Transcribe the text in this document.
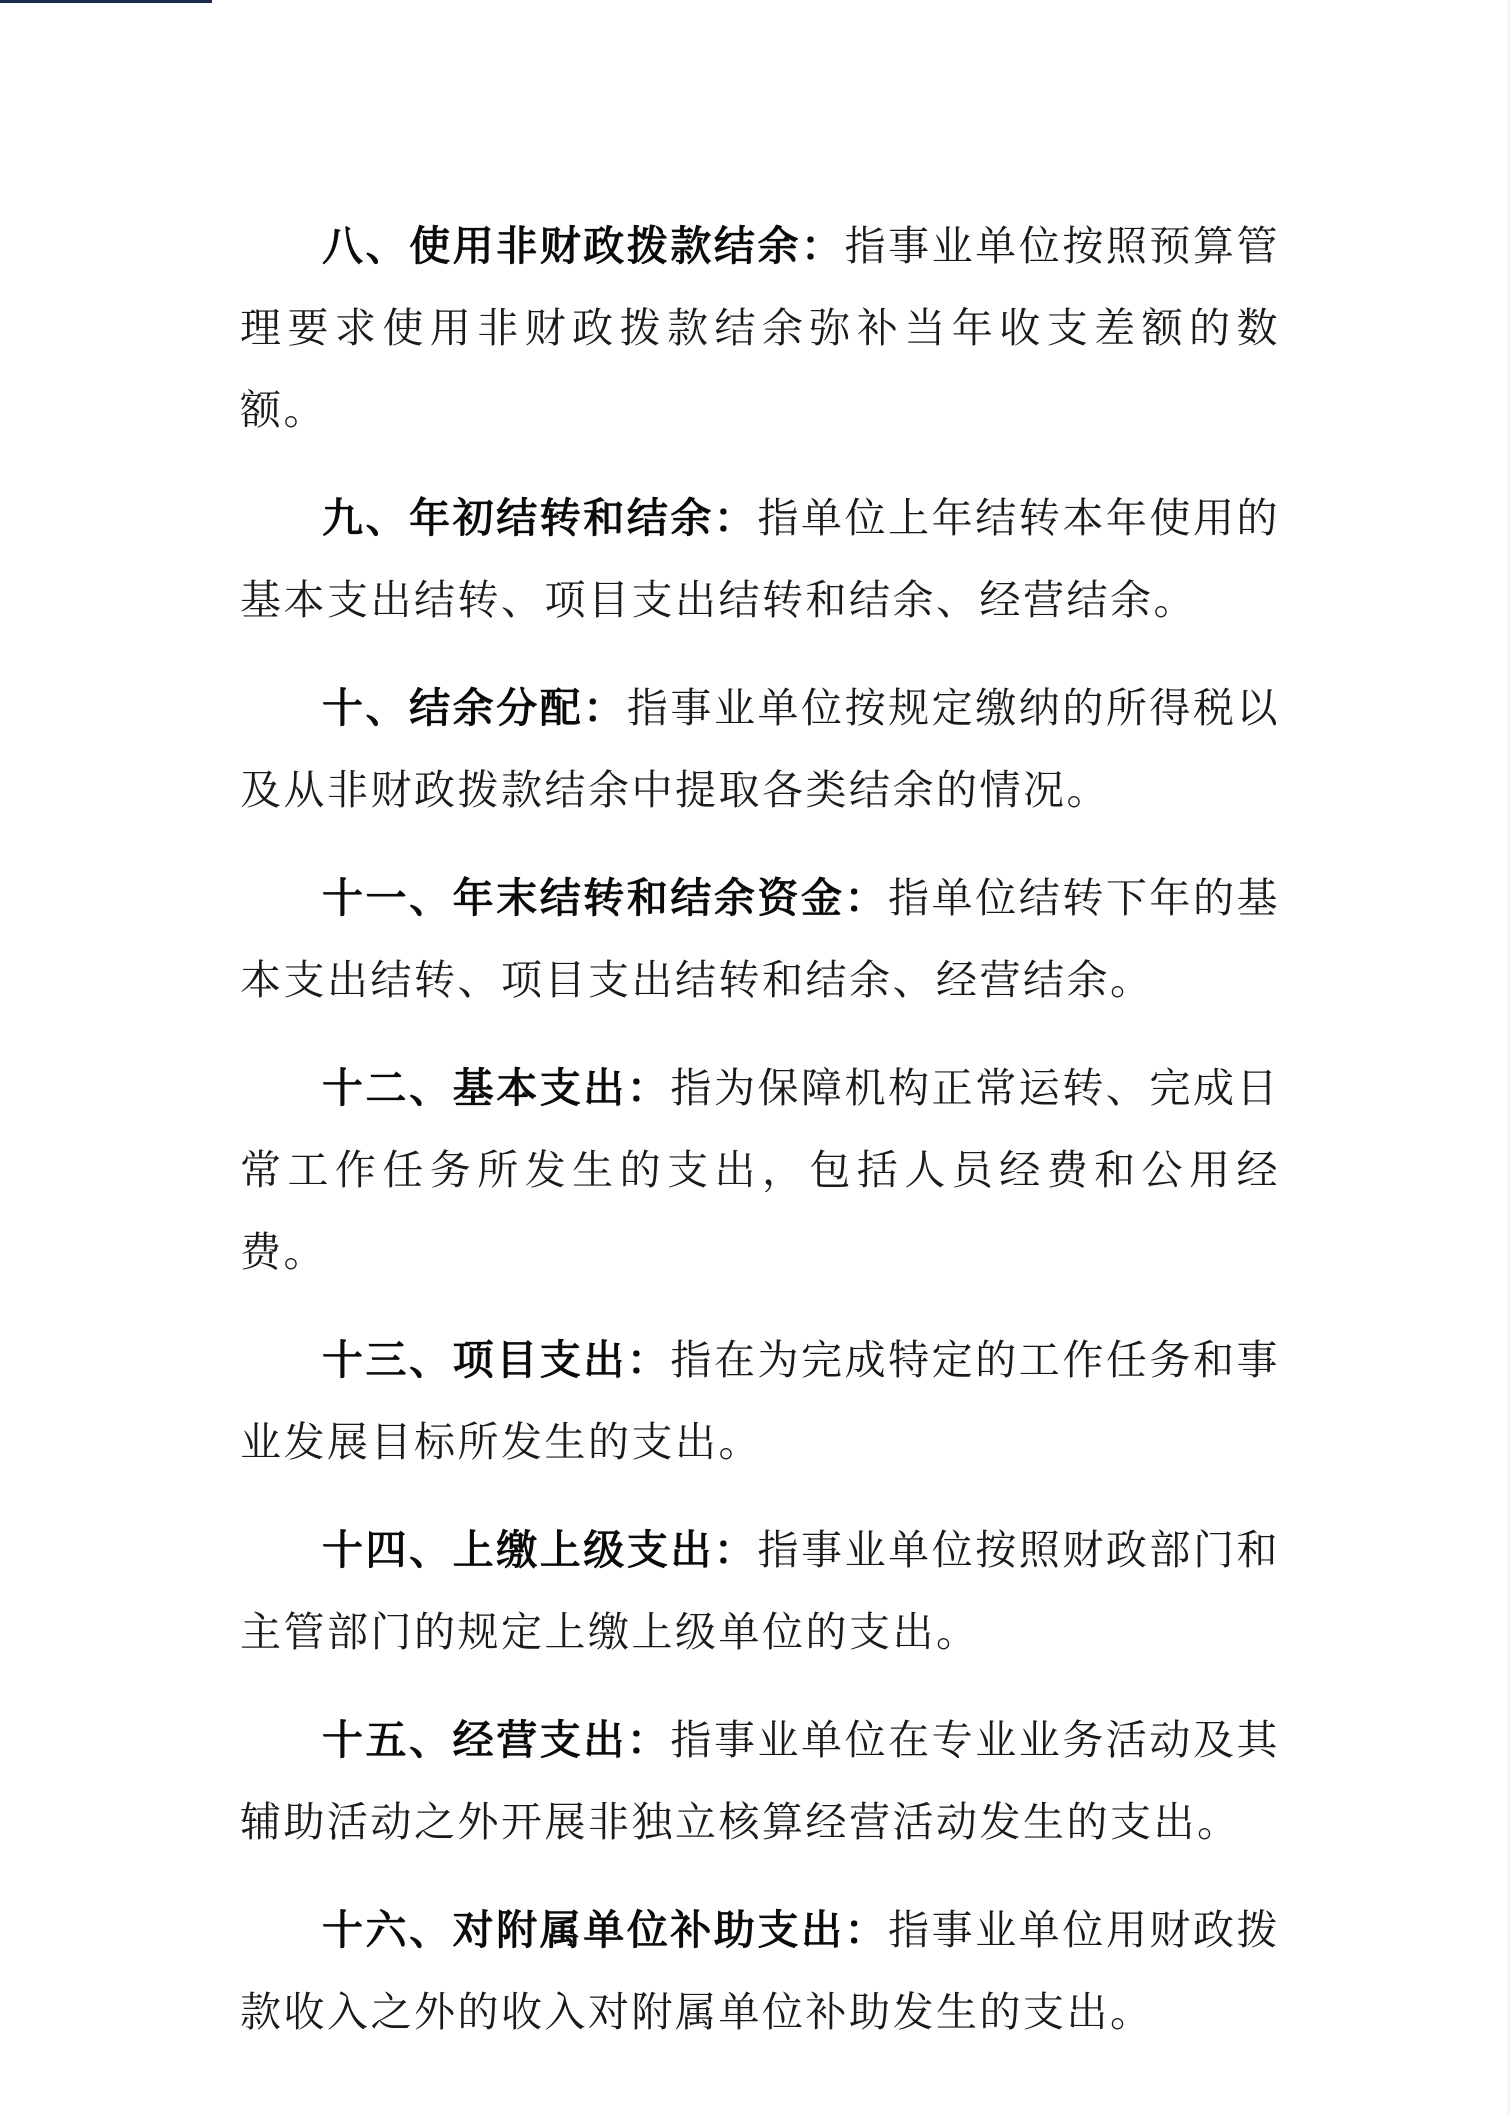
八、使用非财政拨款结余：指事业单位按照预算管理要求使用非财政拨款结余弥补当年收支差额的数额。

九、年初结转和结余：指单位上年结转本年使用的基本支出结转、项目支出结转和结余、经营结余。

十、结余分配：指事业单位按规定缴纳的所得税以及从非财政拨款结余中提取各类结余的情况。

十一、年末结转和结余资金：指单位结转下年的基本支出结转、项目支出结转和结余、经营结余。

十二、基本支出：指为保障机构正常运转、完成日常工作任务所发生的支出，包括人员经费和公用经费。

十三、项目支出：指在为完成特定的工作任务和事业发展目标所发生的支出。

十四、上缴上级支出：指事业单位按照财政部门和主管部门的规定上缴上级单位的支出。

十五、经营支出：指事业单位在专业业务活动及其辅助活动之外开展非独立核算经营活动发生的支出。

十六、对附属单位补助支出：指事业单位用财政拨款收入之外的收入对附属单位补助发生的支出。
